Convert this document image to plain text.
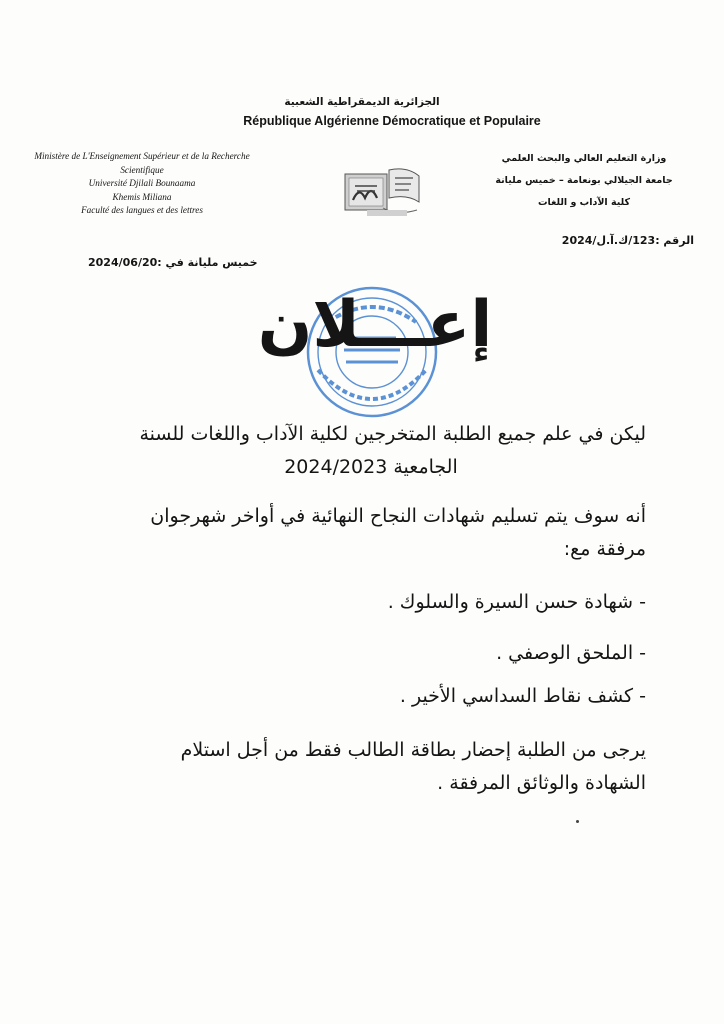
الجزائرية الديمقراطية الشعبية
République Algérienne Démocratique et Populaire
Ministère de L'Enseignement Supérieur et de la Recherche
Scientifique
Université Djilali Bounaama
Khemis Miliana
Faculté des langues et des lettres
وزارة التعليم العالي والبحث العلمي
جامعة الجيلالي بونعامة – خميس مليانة
كلية الآداب و اللغات
الرقم :123/ك.آ.ل/2024
خميس مليانة في :2024/06/20
إعـــلان
ليكن في علم جميع الطلبة المتخرجين لكلية الآداب واللغات للسنة
الجامعية 2024/2023
أنه سوف يتم تسليم شهادات النجاح النهائية في أواخر شهرجوان
مرفقة مع:
- شهادة حسن السيرة والسلوك .
- الملحق الوصفي .
- كشف نقاط السداسي الأخير .
يرجى من الطلبة إحضار بطاقة الطالب فقط من أجل استلام
الشهادة والوثائق المرفقة .
